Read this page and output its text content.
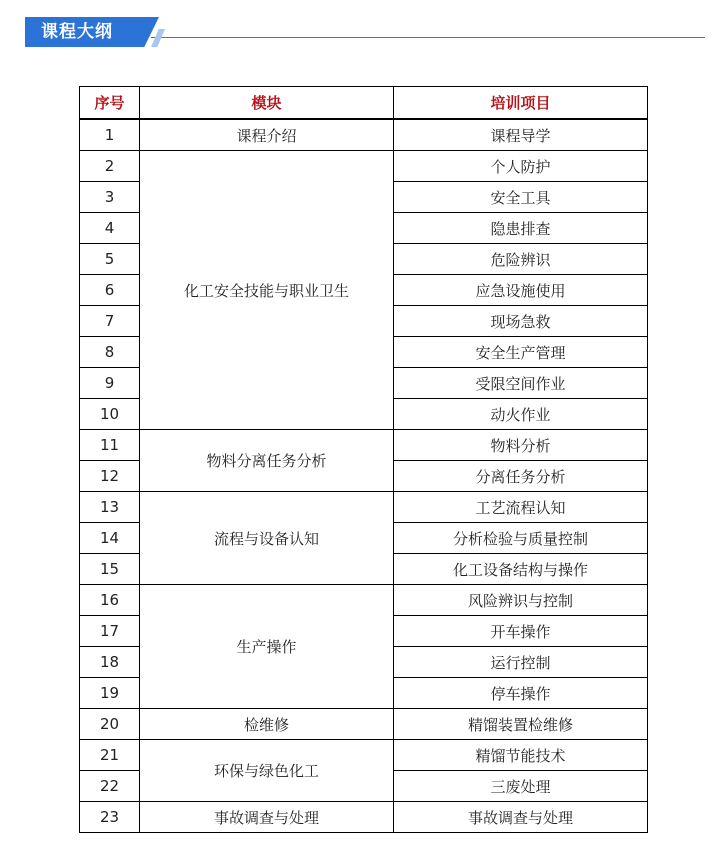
课程大纲
序号	模块	培训项目
1	课程介绍	课程导学
2	化工安全技能与职业卫生	个人防护
3		安全工具
4		隐患排查
5		危险辨识
6		应急设施使用
7		现场急救
8		安全生产管理
9		受限空间作业
10		动火作业
11	物料分离任务分析	物料分析
12		分离任务分析
13	流程与设备认知	工艺流程认知
14		分析检验与质量控制
15		化工设备结构与操作
16	生产操作	风险辨识与控制
17		开车操作
18		运行控制
19		停车操作
20	检维修	精馏装置检维修
21	环保与绿色化工	精馏节能技术
22		三废处理
23	事故调查与处理	事故调查与处理
